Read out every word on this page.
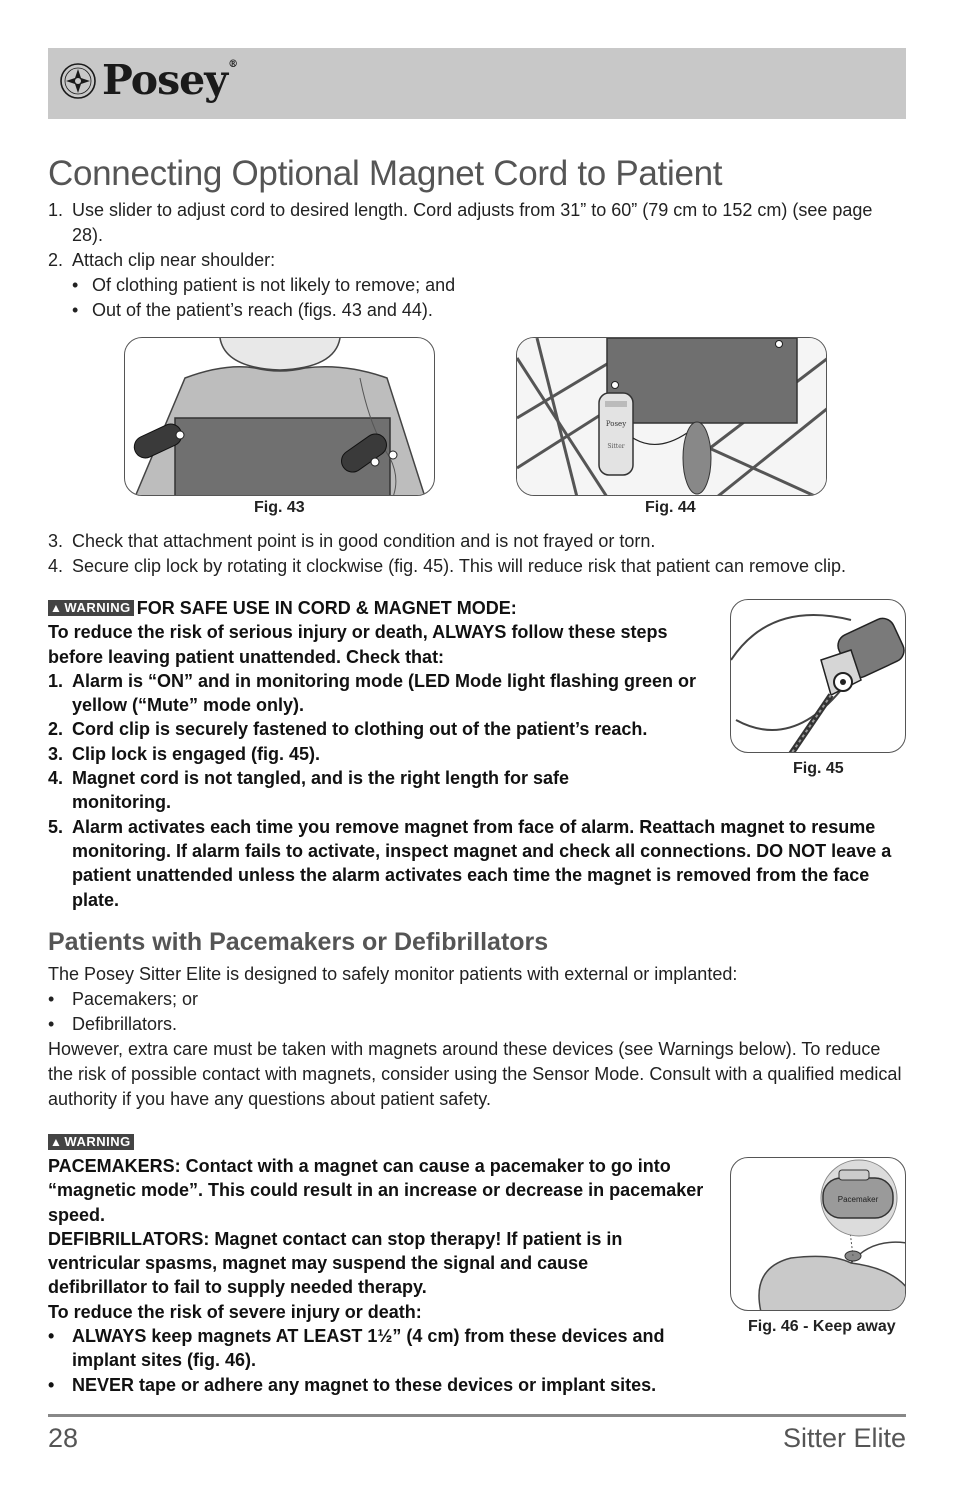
Posey®
Connecting Optional Magnet Cord to Patient
1. Use slider to adjust cord to desired length. Cord adjusts from 31” to 60” (79 cm to 152 cm) (see page 28).
2. Attach clip near shoulder:
• Of clothing patient is not likely to remove; and
• Out of the patient’s reach (figs. 43 and 44).
Fig. 43
Posey
Sitter
Fig. 44
3. Check that attachment point is in good condition and is not frayed or torn.
4. Secure clip lock by rotating it clockwise (fig. 45). This will reduce risk that patient can remove clip.
▲ WARNING FOR SAFE USE IN CORD & MAGNET MODE:
To reduce the risk of serious injury or death, ALWAYS follow these steps before leaving patient unattended. Check that:
1. Alarm is “ON” and in monitoring mode (LED Mode light flashing green or yellow (“Mute” mode only).
2. Cord clip is securely fastened to clothing out of the patient’s reach.
3. Clip lock is engaged (fig. 45).
4. Magnet cord is not tangled, and is the right length for safe monitoring.
5. Alarm activates each time you remove magnet from face of alarm. Reattach magnet to resume monitoring. If alarm fails to activate, inspect magnet and check all connections. DO NOT leave a patient unattended unless the alarm activates each time the magnet is removed from the face plate.
Fig. 45
Patients with Pacemakers or Defibrillators
The Posey Sitter Elite is designed to safely monitor patients with external or implanted:
• Pacemakers; or
• Defibrillators.
However, extra care must be taken with magnets around these devices (see Warnings below). To reduce the risk of possible contact with magnets, consider using the Sensor Mode. Consult with a qualified medical authority if you have any questions about patient safety.
▲ WARNING
PACEMAKERS: Contact with a magnet can cause a pacemaker to go into “magnetic mode”. This could result in an increase or decrease in pacemaker speed.
DEFIBRILLATORS: Magnet contact can stop therapy! If patient is in ventricular spasms, magnet may suspend the signal and cause defibrillator to fail to supply needed therapy.
To reduce the risk of severe injury or death:
• ALWAYS keep magnets AT LEAST 1½” (4 cm) from these devices and implant sites (fig. 46).
• NEVER tape or adhere any magnet to these devices or implant sites.
Pacemaker
Fig. 46 - Keep away
28	Sitter Elite
